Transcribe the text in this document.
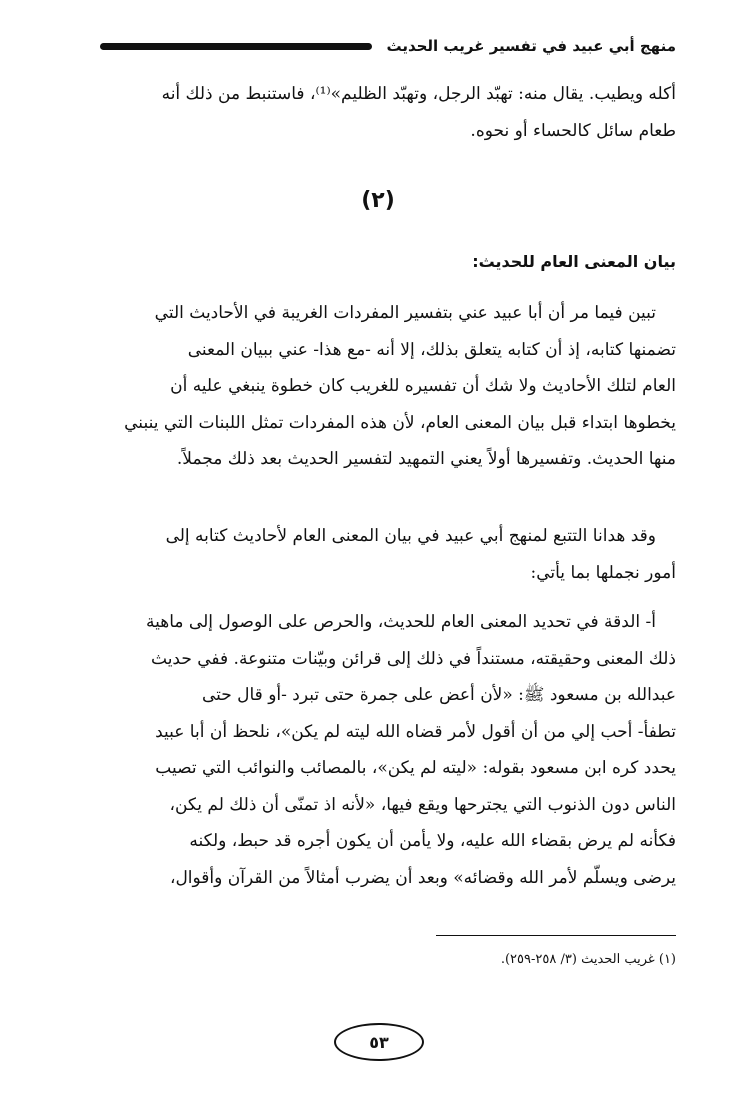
منهج أبي عبيد في تفسير غريب الحديث

أكله ويطيب. يقال منه: تهبّد الرجل، وتهبّد الظليم»⁽¹⁾، فاستنبط من ذلك أنه

طعام سائل كالحساء أو نحوه.

(٢)
بيان المعنى العام للحديث:

تبين فيما مر أن أبا عبيد عني بتفسير المفردات الغريبة في الأحاديث التي

تضمنها كتابه، إذ أن كتابه يتعلق بذلك، إلا أنه -مع هذا- عني ببيان المعنى

العام لتلك الأحاديث ولا شك أن تفسيره للغريب كان خطوة ينبغي عليه أن

يخطوها ابتداء قبل بيان المعنى العام، لأن هذه المفردات تمثل اللبنات التي ينبني

منها الحديث. وتفسيرها أولاً يعني التمهيد لتفسير الحديث بعد ذلك مجملاً.

وقد هدانا التتبع لمنهج أبي عبيد في بيان المعنى العام لأحاديث كتابه إلى

أمور نجملها بما يأتي:

أ- الدقة في تحديد المعنى العام للحديث، والحرص على الوصول إلى ماهية

ذلك المعنى وحقيقته، مستنداً في ذلك إلى قرائن وبيّنات متنوعة. ففي حديث

عبدالله بن مسعود ﷺ: «لأن أعض على جمرة حتى تبرد -أو قال حتى

تطفأ- أحب إلي من أن أقول لأمر قضاه الله ليته لم يكن»، نلحظ أن أبا عبيد

يحدد كره ابن مسعود بقوله: «ليته لم يكن»، بالمصائب والنوائب التي تصيب

الناس دون الذنوب التي يجترحها ويقع فيها، «لأنه اذ تمنّى أن ذلك لم يكن،

فكأنه لم يرض بقضاء الله عليه، ولا يأمن أن يكون أجره قد حبط، ولكنه

يرضى ويسلّم لأمر الله وقضائه» وبعد أن يضرب أمثالاً من القرآن وأقوال،

(١) غريب الحديث (٣/ ٢٥٨-٢٥٩).
٥٣
